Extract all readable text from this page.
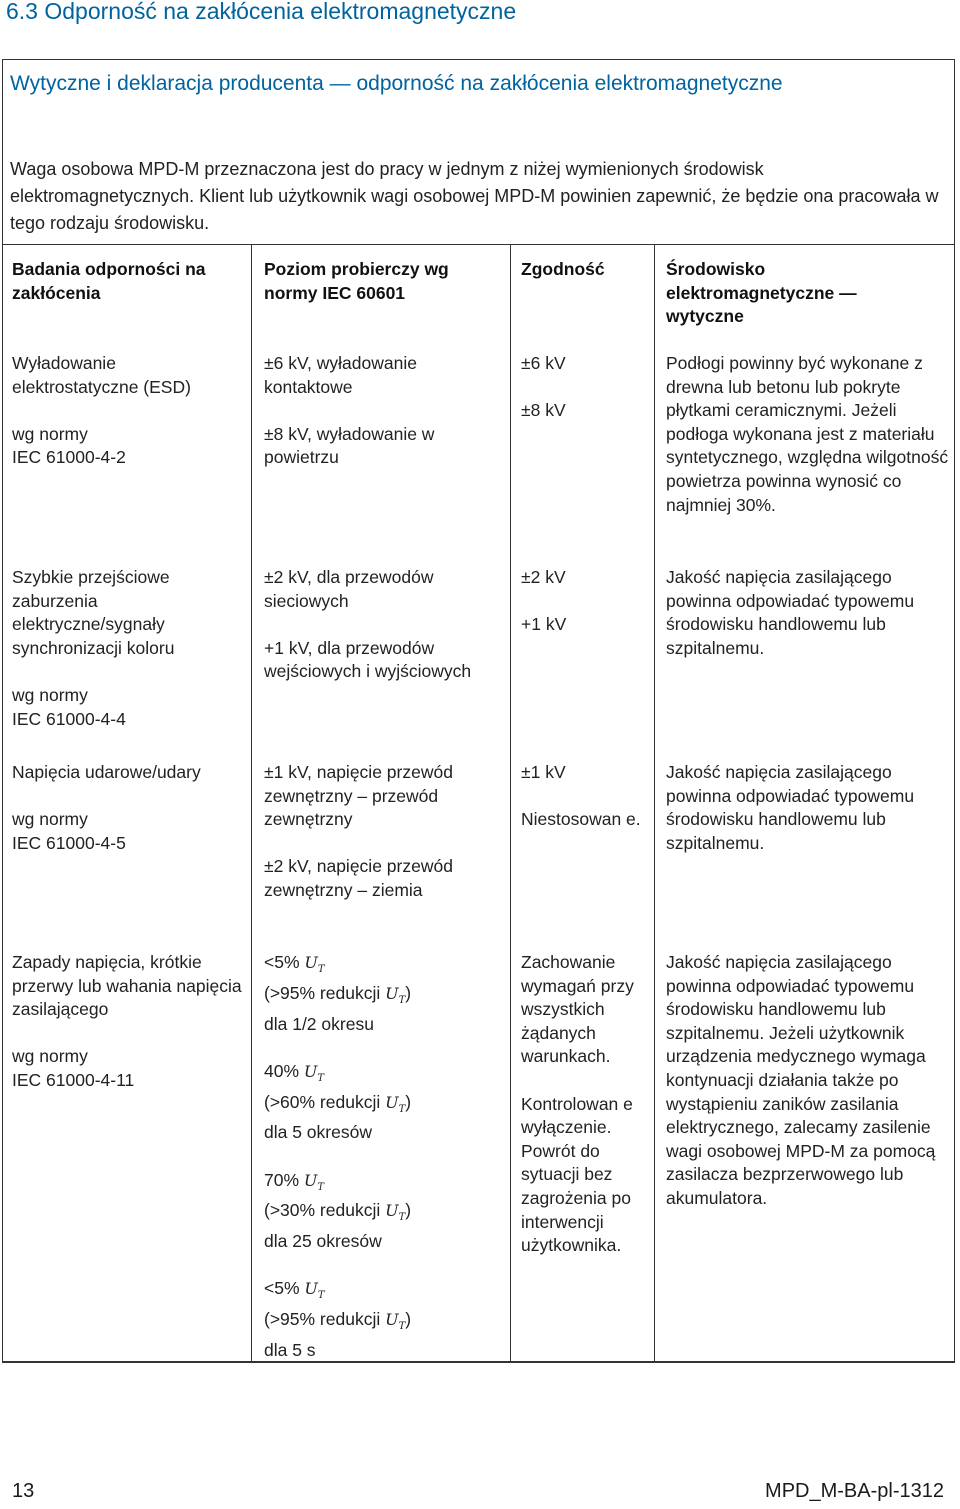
6.3 Odporność na zakłócenia elektromagnetyczne
Wytyczne i deklaracja producenta — odporność na zakłócenia elektromagnetyczne
Waga osobowa MPD-M przeznaczona jest do pracy w jednym z niżej wymienionych środowisk elektromagnetycznych. Klient lub użytkownik wagi osobowej MPD-M powinien zapewnić, że będzie ona pracowała w tego rodzaju środowisku.
Badania odporności na zakłócenia
Poziom probierczy wg normy IEC 60601
Zgodność	Środowisko elektromagnetyczne — wytyczne

Wyładowanie elektrostatyczne (ESD)

wg normy

IEC 61000-4-2

±6 kV, wyładowanie kontaktowe

±8 kV, wyładowanie w powietrzu

±6 kV

±8 kV

Podłogi powinny być wykonane z drewna lub betonu lub pokryte płytkami ceramicznymi. Jeżeli podłoga wykonana jest z materiału syntetycznego, względna wilgotność powietrza powinna wynosić co najmniej 30%.

Szybkie przejściowe zaburzenia elektryczne/sygnały synchronizacji koloru

wg normy

IEC 61000-4-4

±2 kV, dla przewodów sieciowych

+1 kV, dla przewodów wejściowych i wyjściowych

±2 kV

+1 kV

Jakość napięcia zasilającego powinna odpowiadać typowemu środowisku handlowemu lub szpitalnemu.

Napięcia udarowe/udary

wg normy

IEC 61000-4-5

±1 kV, napięcie przewód zewnętrzny – przewód zewnętrzny

±2 kV, napięcie przewód zewnętrzny – ziemia

±1 kV

Niestosowan e.

Jakość napięcia zasilającego powinna odpowiadać typowemu środowisku handlowemu lub szpitalnemu.

Zapady napięcia, krótkie przerwy lub wahania napięcia zasilającego

wg normy

IEC 61000-4-11

<5% $U_T$
(>95% redukcji $U_T$)
dla 1/2 okresu

40% $U_T$
(>60% redukcji $U_T$)
dla 5 okresów

70% $U_T$
(>30% redukcji $U_T$)
dla 25 okresów

<5% $U_T$
(>95% redukcji $U_T$)
dla 5 s

Zachowanie wymagań przy wszystkich żądanych warunkach.

Kontrolowan e wyłączenie. Powrót do sytuacji bez zagrożenia po interwencji użytkownika.

Jakość napięcia zasilającego powinna odpowiadać typowemu środowisku handlowemu lub szpitalnemu. Jeżeli użytkownik urządzenia medycznego wymaga kontynuacji działania także po wystąpieniu zaników zasilania elektrycznego, zalecamy zasilenie wagi osobowej MPD-M za pomocą zasilacza bezprzerwowego lub akumulatora.

13	MPD_M-BA-pl-1312
